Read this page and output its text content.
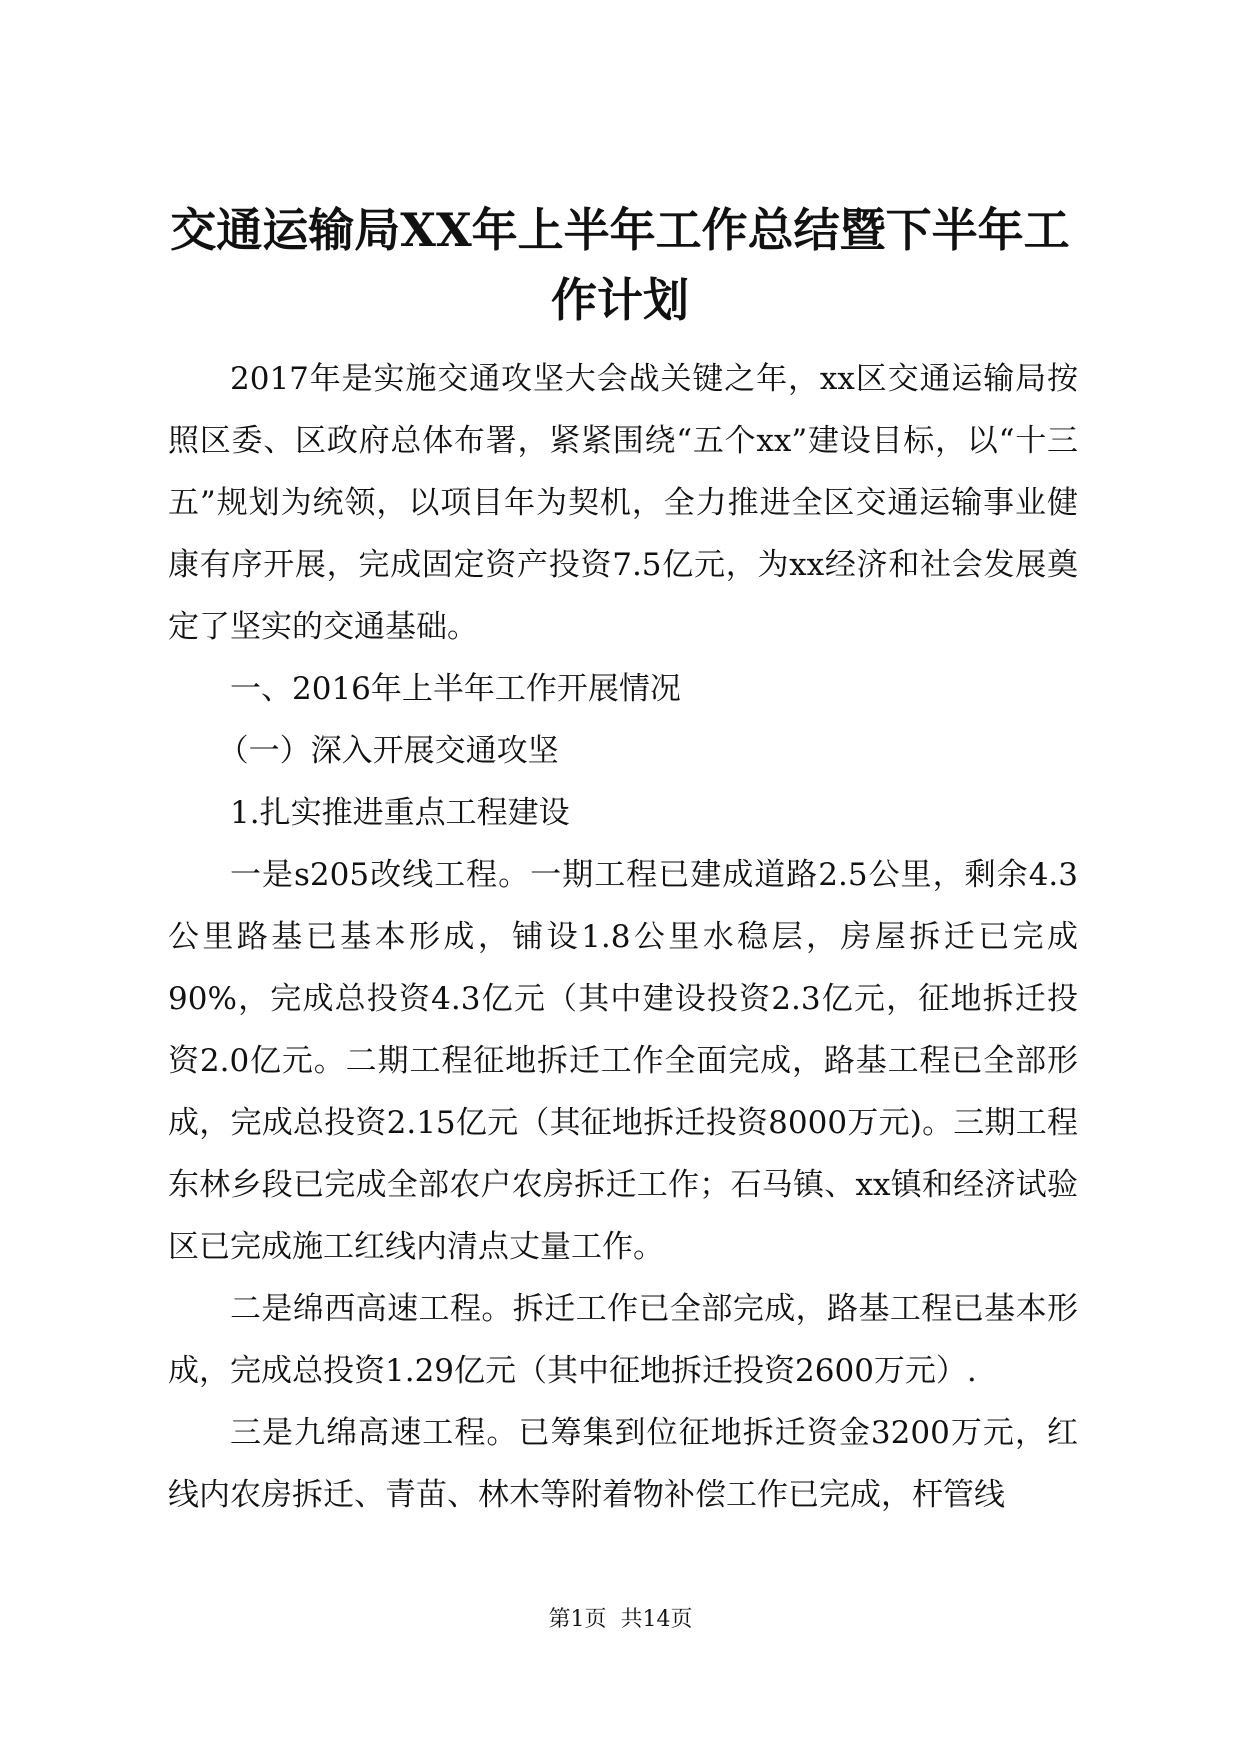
交通运输局XX年上半年工作总结暨下半年工
作计划

2017年是实施交通攻坚大会战关键之年，xx区交通运输局按照区委、区政府总体布署，紧紧围绕“五个xx”建设目标，以“十三五”规划为统领，以项目年为契机，全力推进全区交通运输事业健康有序开展，完成固定资产投资7.5亿元，为xx经济和社会发展奠定了坚实的交通基础。

一、2016年上半年工作开展情况

（一）深入开展交通攻坚

1.扎实推进重点工程建设

一是s205改线工程。一期工程已建成道路2.5公里，剩余4.3公里路基已基本形成，铺设1.8公里水稳层，房屋拆迁已完成90%，完成总投资4.3亿元（其中建设投资2.3亿元，征地拆迁投资2.0亿元。二期工程征地拆迁工作全面完成，路基工程已全部形成，完成总投资2.15亿元（其征地拆迁投资8000万元)。三期工程东林乡段已完成全部农户农房拆迁工作；石马镇、xx镇和经济试验区已完成施工红线内清点丈量工作。

二是绵西高速工程。拆迁工作已全部完成，路基工程已基本形成，完成总投资1.29亿元（其中征地拆迁投资2600万元）.

三是九绵高速工程。已筹集到位征地拆迁资金3200万元，红线内农房拆迁、青苗、林木等附着物补偿工作已完成，杆管线

第1页 共14页
